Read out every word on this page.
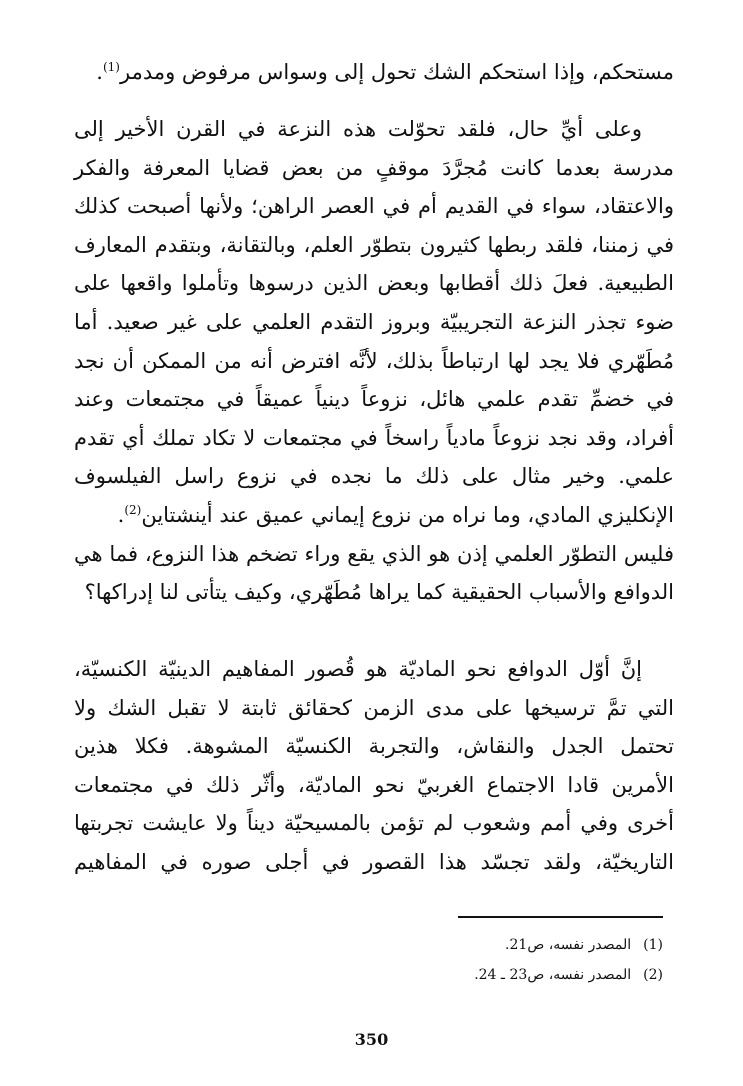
مستحكم، وإذا استحكم الشك تحول إلى وسواس مرفوض ومدمر$^{(1)}$.
وعلى أيِّ حال، فلقد تحوّلت هذه النزعة في القرن الأخير إلى
مدرسة بعدما كانت مُجرَّدَ موقفٍ من بعض قضايا المعرفة والفكر
والاعتقاد، سواء في القديم أم في العصر الراهن؛ ولأنها أصبحت كذلك
في زمننا، فلقد ربطها كثيرون بتطوّر العلم، وبالتقانة، وبتقدم المعارف
الطبيعية. فعلَ ذلك أقطابها وبعض الذين درسوها وتأملوا واقعها على
ضوء تجذر النزعة التجريبيّة وبروز التقدم العلمي على غير صعيد. أما
مُطَهّري فلا يجد لها ارتباطاً بذلك، لأنَّه افترض أنه من الممكن أن نجد
في خضمِّ تقدم علمي هائل، نزوعاً دينياً عميقاً في مجتمعات وعند
أفراد، وقد نجد نزوعاً مادياً راسخاً في مجتمعات لا تكاد تملك أي تقدم
علمي. وخير مثال على ذلك ما نجده في نزوع راسل الفيلسوف
الإنكليزي المادي، وما نراه من نزوع إيماني عميق عند أينشتاين$^{(2)}$.
فليس التطوّر العلمي إذن هو الذي يقع وراء تضخم هذا النزوع، فما هي
الدوافع والأسباب الحقيقية كما يراها مُطَهّري، وكيف يتأتى لنا إدراكها؟
إنَّ أوّل الدوافع نحو الماديّة هو قُصور المفاهيم الدينيّة الكنسيّة،
التي تمَّ ترسيخها على مدى الزمن كحقائق ثابتة لا تقبل الشك ولا
تحتمل الجدل والنقاش، والتجربة الكنسيّة المشوهة. فكلا هذين
الأمرين قادا الاجتماع الغربيّ نحو الماديّة، وأثّر ذلك في مجتمعات
أخرى وفي أمم وشعوب لم تؤمن بالمسيحيّة ديناً ولا عايشت تجربتها
التاريخيّة، ولقد تجسّد هذا القصور في أجلى صوره في المفاهيم
(1)المصدر نفسه، ص21.
(2)المصدر نفسه، ص23 ـ 24.
350
